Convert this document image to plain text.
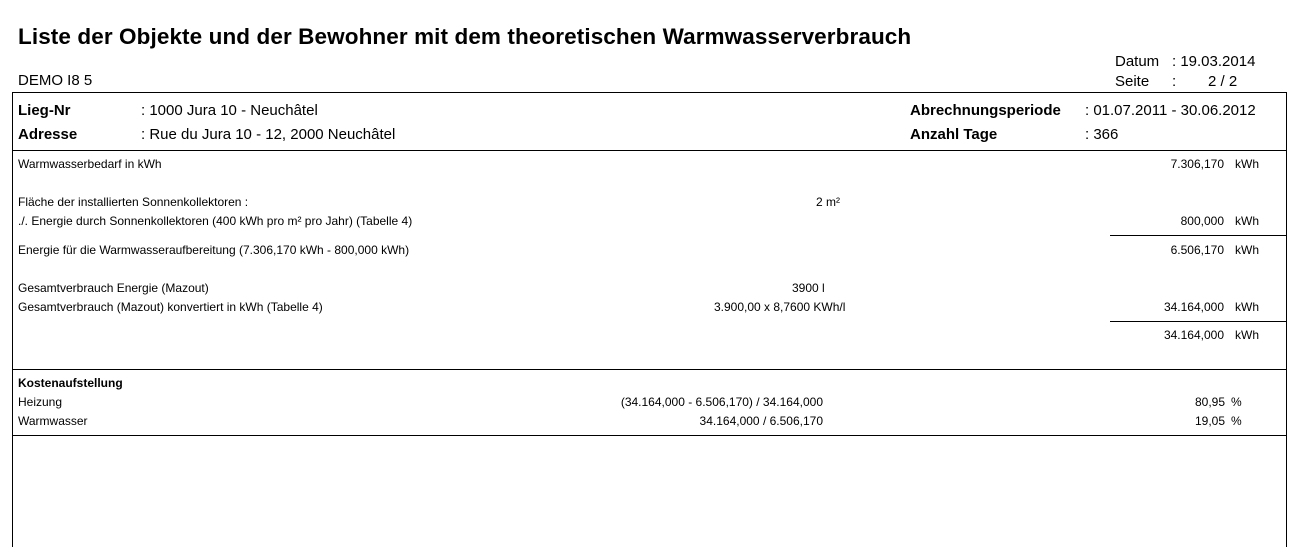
Liste der Objekte und der Bewohner mit dem theoretischen Warmwasserverbrauch
DEMO I8 5
Datum : 19.03.2014
Seite : 2 / 2
Lieg-Nr	: 1000 Jura 10 - Neuchâtel
Adresse	: Rue du Jura 10 - 12, 2000 Neuchâtel
Abrechnungsperiode : 01.07.2011 - 30.06.2012
Anzahl Tage	: 366
Warmwasserbedarf in kWh	7.306,170 kWh
Fläche der installierten Sonnenkollektoren :	2 m²
./. Energie durch Sonnenkollektoren (400 kWh pro m² pro Jahr) (Tabelle 4)	800,000 kWh
Energie für die Warmwasseraufbereitung (7.306,170 kWh - 800,000 kWh)	6.506,170 kWh
Gesamtverbrauch Energie (Mazout)	3900 l
Gesamtverbrauch (Mazout) konvertiert in kWh (Tabelle 4)	3.900,00 x 8,7600 KWh/l	34.164,000 kWh
34.164,000 kWh
Kostenaufstellung
Heizung	(34.164,000 - 6.506,170) / 34.164,000	80,95 %
Warmwasser	34.164,000 / 6.506,170	19,05 %
